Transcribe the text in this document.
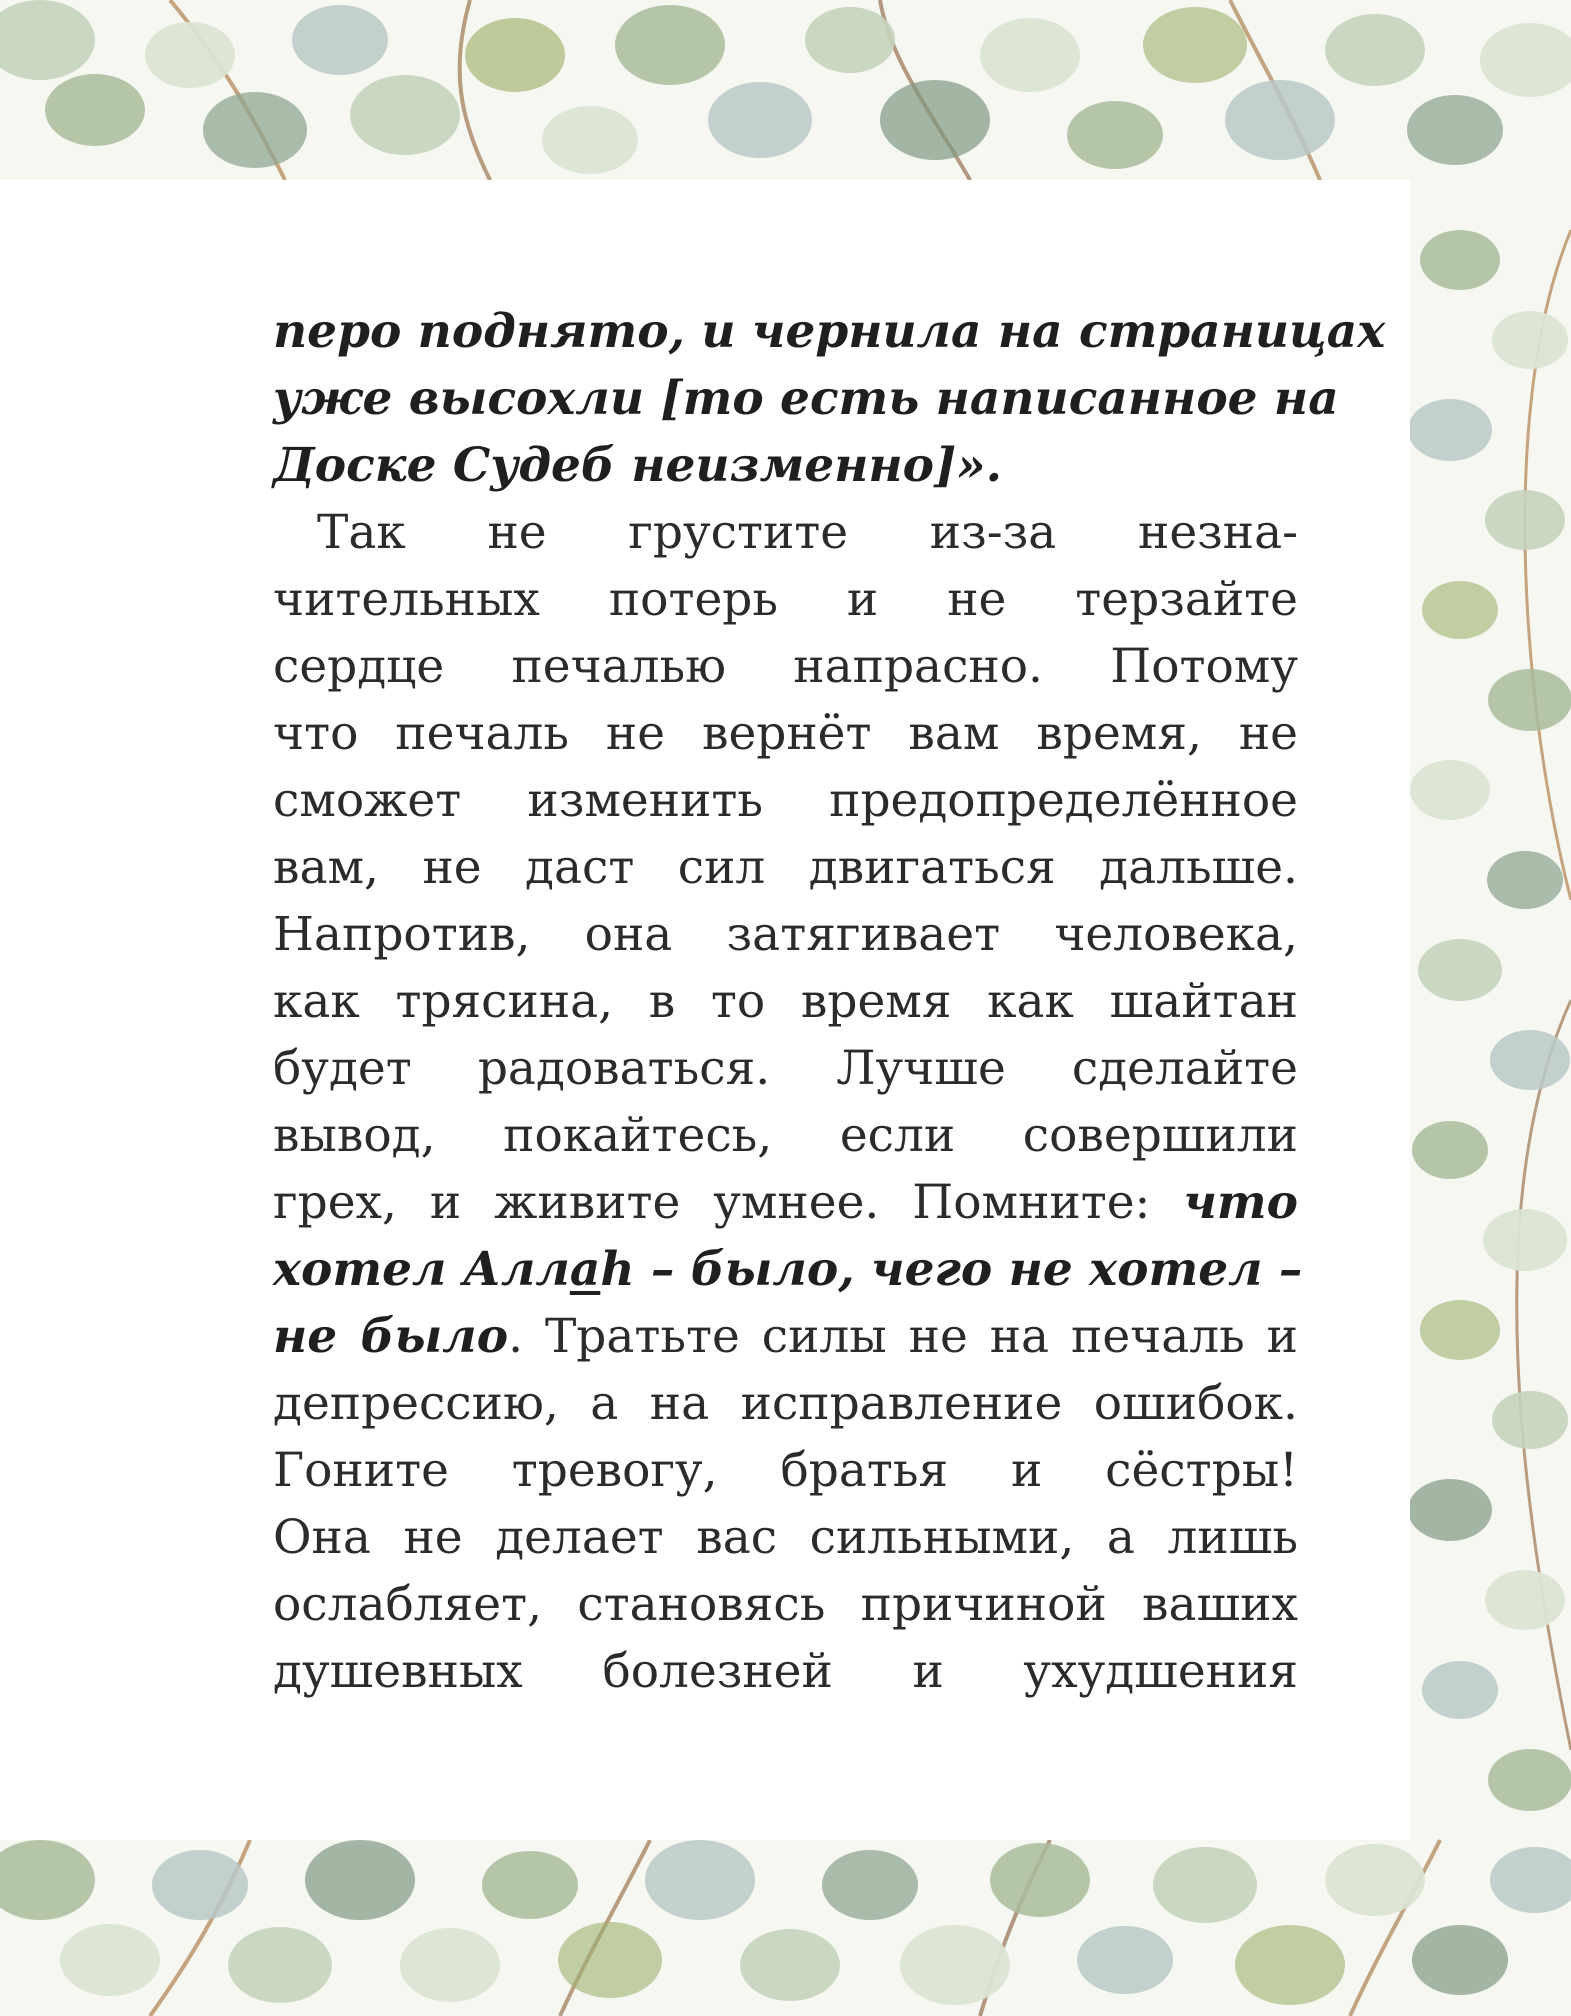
перо поднято, и чернила на страницах
уже высохли [то есть написанное на
Доске Судеб неизменно]».
Так не грустите из-за незна-
чительных потерь и не терзайте
сердце печалью напрасно. Потому
что печаль не вернёт вам время, не
сможет изменить предопределённое
вам, не даст сил двигаться дальше.
Напротив, она затягивает человека,
как трясина, в то время как шайтан
будет радоваться. Лучше сделайте
вывод, покайтесь, если совершили
грех, и живите умнее. Помните: что
хотел Аллаh – было, чего не хотел –
не было. Тратьте силы не на печаль и
депрессию, а на исправление ошибок.
Гоните тревогу, братья и сёстры!
Она не делает вас сильными, а лишь
ослабляет, становясь причиной ваших
душевных болезней и ухудшения
